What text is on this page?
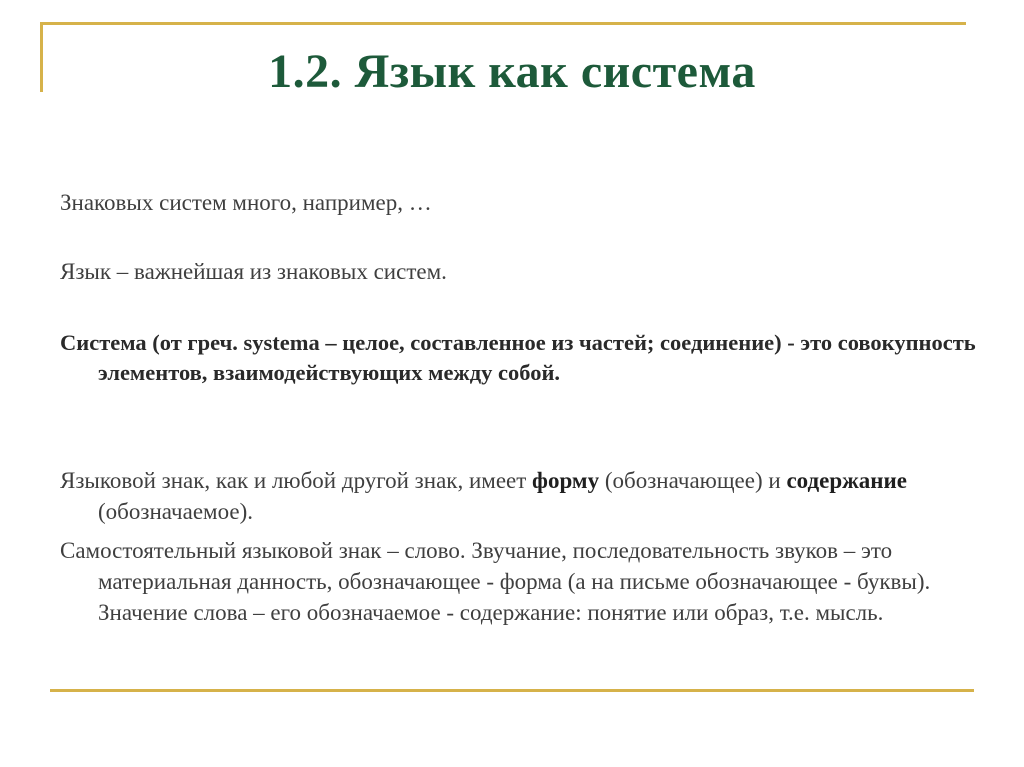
1.2. Язык как система

Знаковых систем много, например, …

Язык – важнейшая из знаковых систем.

Система (от греч. systema – целое, составленное из частей; соединение) - это совокупность элементов, взаимодействующих между собой.

Языковой знак, как и любой другой знак, имеет форму (обозначающее) и содержание (обозначаемое).

Самостоятельный языковой знак – слово. Звучание, последовательность звуков – это материальная данность, обозначающее - форма (а на письме обозначающее - буквы). Значение слова – его обозначаемое - содержание: понятие или образ, т.е. мысль.
